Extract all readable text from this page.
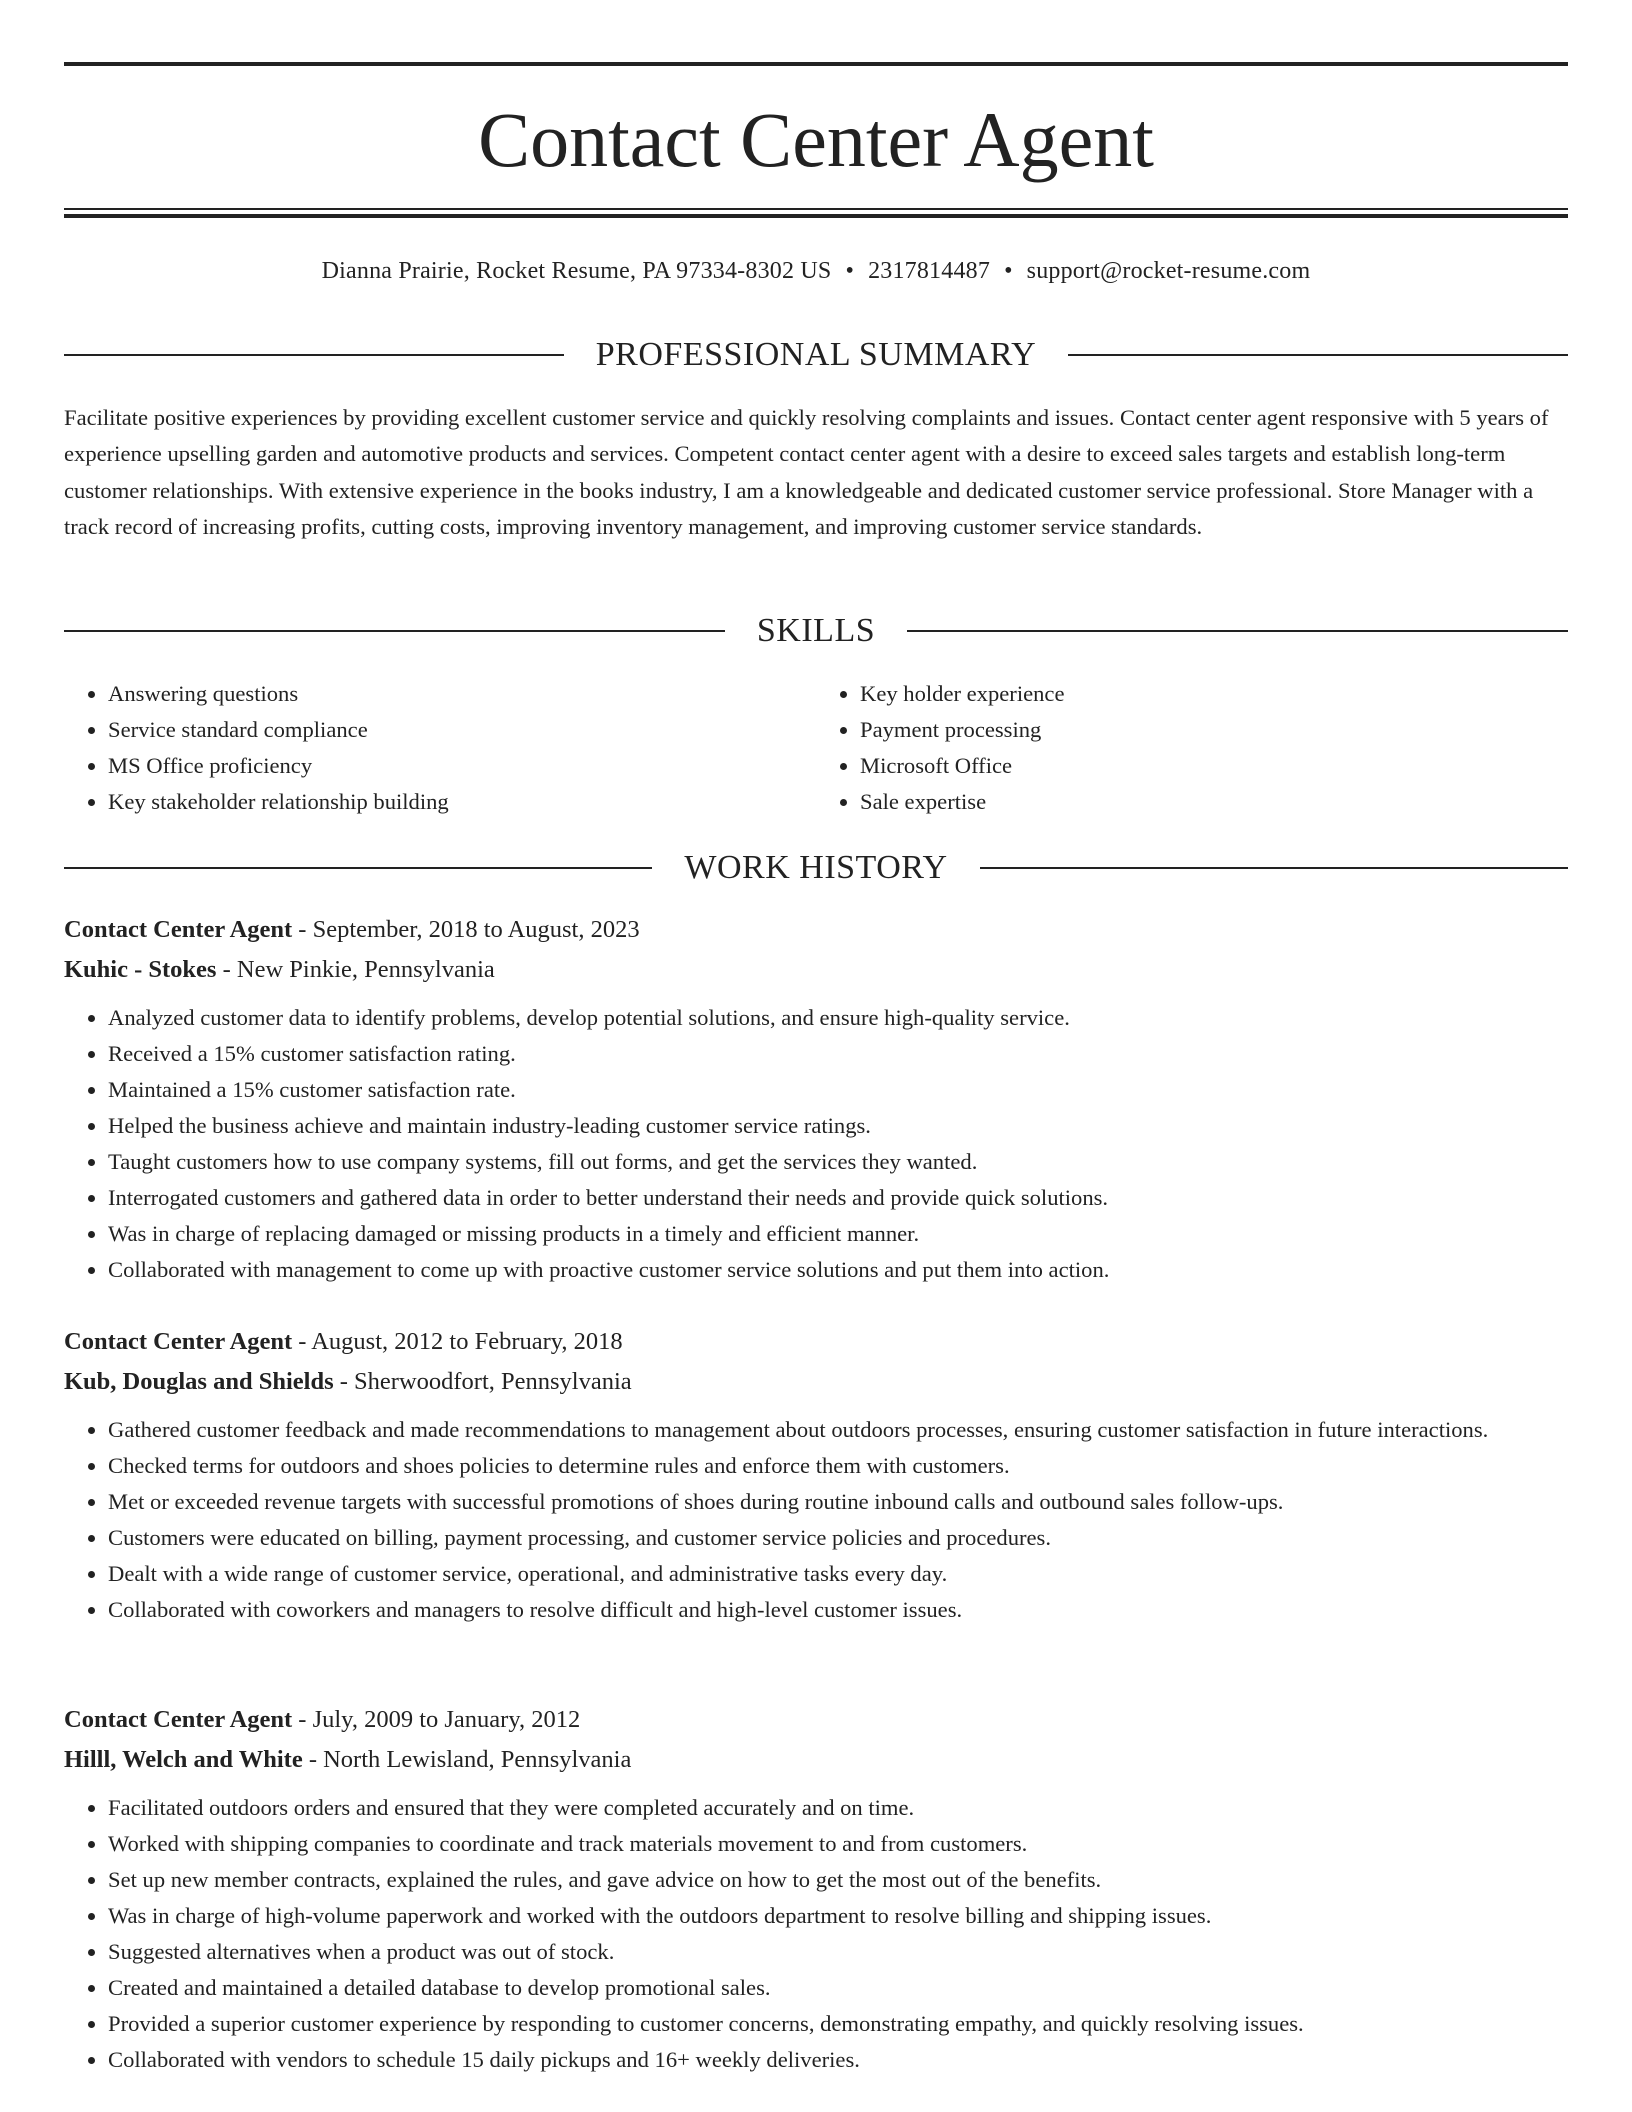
Contact Center Agent
Dianna Prairie, Rocket Resume, PA 97334-8302 US • 2317814487 • support@rocket-resume.com
PROFESSIONAL SUMMARY

Facilitate positive experiences by providing excellent customer service and quickly resolving complaints and issues. Contact center agent responsive with 5 years of experience upselling garden and automotive products and services. Competent contact center agent with a desire to exceed sales targets and establish long-term customer relationships. With extensive experience in the books industry, I am a knowledgeable and dedicated customer service professional. Store Manager with a track record of increasing profits, cutting costs, improving inventory management, and improving customer service standards.

SKILLS
• Answering questions
• Service standard compliance
• MS Office proficiency
• Key stakeholder relationship building
• Key holder experience
• Payment processing
• Microsoft Office
• Sale expertise
WORK HISTORY
Contact Center Agent - September, 2018 to August, 2023
Kuhic - Stokes - New Pinkie, Pennsylvania
• Analyzed customer data to identify problems, develop potential solutions, and ensure high-quality service.
• Received a 15% customer satisfaction rating.
• Maintained a 15% customer satisfaction rate.
• Helped the business achieve and maintain industry-leading customer service ratings.
• Taught customers how to use company systems, fill out forms, and get the services they wanted.
• Interrogated customers and gathered data in order to better understand their needs and provide quick solutions.
• Was in charge of replacing damaged or missing products in a timely and efficient manner.
• Collaborated with management to come up with proactive customer service solutions and put them into action.
Contact Center Agent - August, 2012 to February, 2018
Kub, Douglas and Shields - Sherwoodfort, Pennsylvania
• Gathered customer feedback and made recommendations to management about outdoors processes, ensuring customer satisfaction in future interactions.
• Checked terms for outdoors and shoes policies to determine rules and enforce them with customers.
• Met or exceeded revenue targets with successful promotions of shoes during routine inbound calls and outbound sales follow-ups.
• Customers were educated on billing, payment processing, and customer service policies and procedures.
• Dealt with a wide range of customer service, operational, and administrative tasks every day.
• Collaborated with coworkers and managers to resolve difficult and high-level customer issues.
Contact Center Agent - July, 2009 to January, 2012
Hilll, Welch and White - North Lewisland, Pennsylvania
• Facilitated outdoors orders and ensured that they were completed accurately and on time.
• Worked with shipping companies to coordinate and track materials movement to and from customers.
• Set up new member contracts, explained the rules, and gave advice on how to get the most out of the benefits.
• Was in charge of high-volume paperwork and worked with the outdoors department to resolve billing and shipping issues.
• Suggested alternatives when a product was out of stock.
• Created and maintained a detailed database to develop promotional sales.
• Provided a superior customer experience by responding to customer concerns, demonstrating empathy, and quickly resolving issues.
• Collaborated with vendors to schedule 15 daily pickups and 16+ weekly deliveries.
